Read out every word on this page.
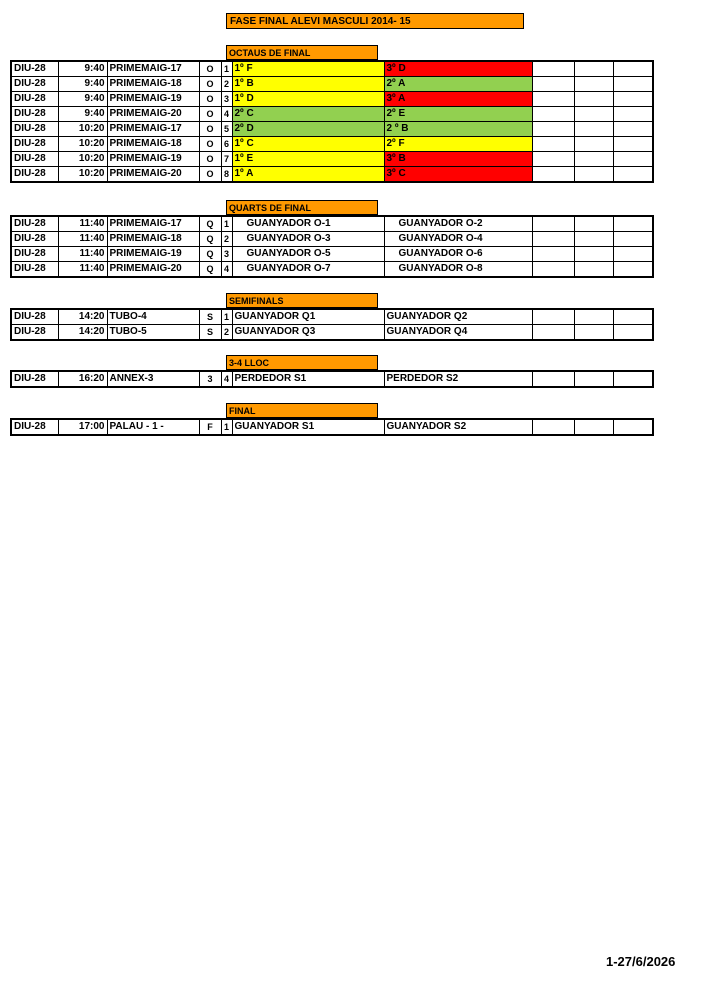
FASE FINAL ALEVI MASCULI 2014- 15
OCTAUS DE FINAL
DIU-28	9:40	PRIMEMAIG-17	O	1	1º F	3º D			
DIU-28	9:40	PRIMEMAIG-18	O	2	1º B	2º A			
DIU-28	9:40	PRIMEMAIG-19	O	3	1º D	3º A			
DIU-28	9:40	PRIMEMAIG-20	O	4	2º C	2º E			
DIU-28	10:20	PRIMEMAIG-17	O	5	2º D	2 º B			
DIU-28	10:20	PRIMEMAIG-18	O	6	1º C	2º F			
DIU-28	10:20	PRIMEMAIG-19	O	7	1º E	3º B			
DIU-28	10:20	PRIMEMAIG-20	O	8	1º A	3º C			
QUARTS DE FINAL
DIU-28	11:40	PRIMEMAIG-17	Q	1	GUANYADOR O-1	GUANYADOR O-2			
DIU-28	11:40	PRIMEMAIG-18	Q	2	GUANYADOR O-3	GUANYADOR O-4			
DIU-28	11:40	PRIMEMAIG-19	Q	3	GUANYADOR O-5	GUANYADOR O-6			
DIU-28	11:40	PRIMEMAIG-20	Q	4	GUANYADOR O-7	GUANYADOR O-8			
SEMIFINALS
DIU-28	14:20	TUBO-4	S	1	GUANYADOR Q1	GUANYADOR Q2			
DIU-28	14:20	TUBO-5	S	2	GUANYADOR Q3	GUANYADOR Q4			
3-4 LLOC
DIU-28	16:20	ANNEX-3	3	4	PERDEDOR S1	PERDEDOR S2			
FINAL
DIU-28	17:00	PALAU - 1 -	F	1	GUANYADOR S1	GUANYADOR S2			
1-27/6/2026
